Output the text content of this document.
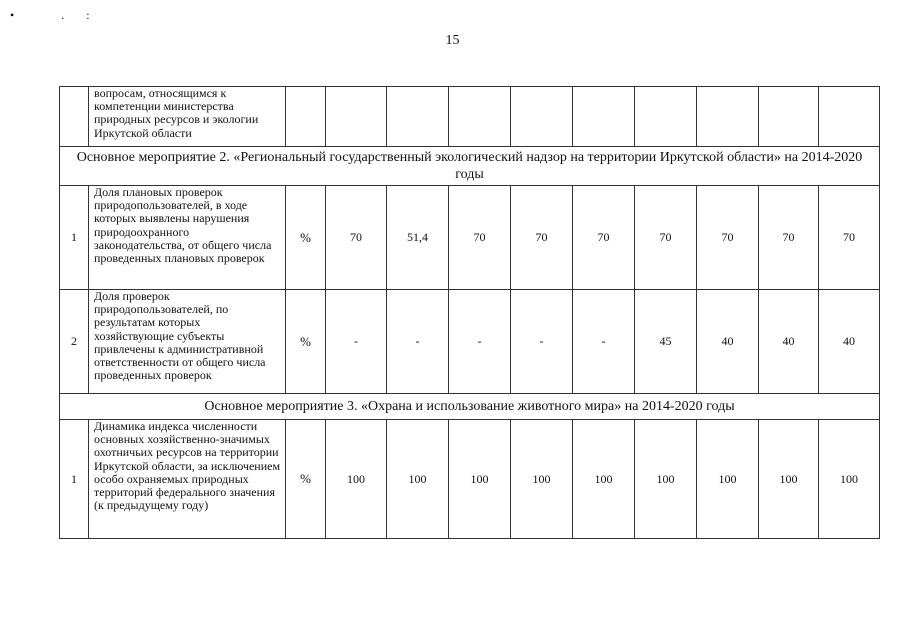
• .:
15
	вопросам, относящимся к компетенции министерства природных ресурсов и экологии Иркутской области										
Основное мероприятие 2. «Региональный государственный экологический надзор на территории Иркутской области» на 2014-2020 годы											
1	Доля плановых проверок природопользователей, в ходе которых выявлены нарушения природоохранного законодательства, от общего числа проведенных плановых проверок	%	70	51,4	70	70	70	70	70	70	70
2	Доля проверок природопользователей, по результатам которых хозяйствующие субъекты привлечены к административной ответственности от общего числа проведенных проверок	%	-	-	-	-	-	45	40	40	40
Основное мероприятие 3. «Охрана и использование животного мира» на 2014-2020 годы											
1	Динамика индекса численности основных хозяйственно-значимых охотничьих ресурсов на территории Иркутской области, за исключением особо охраняемых природных территорий федерального значения (к предыдущему году)	%	100	100	100	100	100	100	100	100	100
